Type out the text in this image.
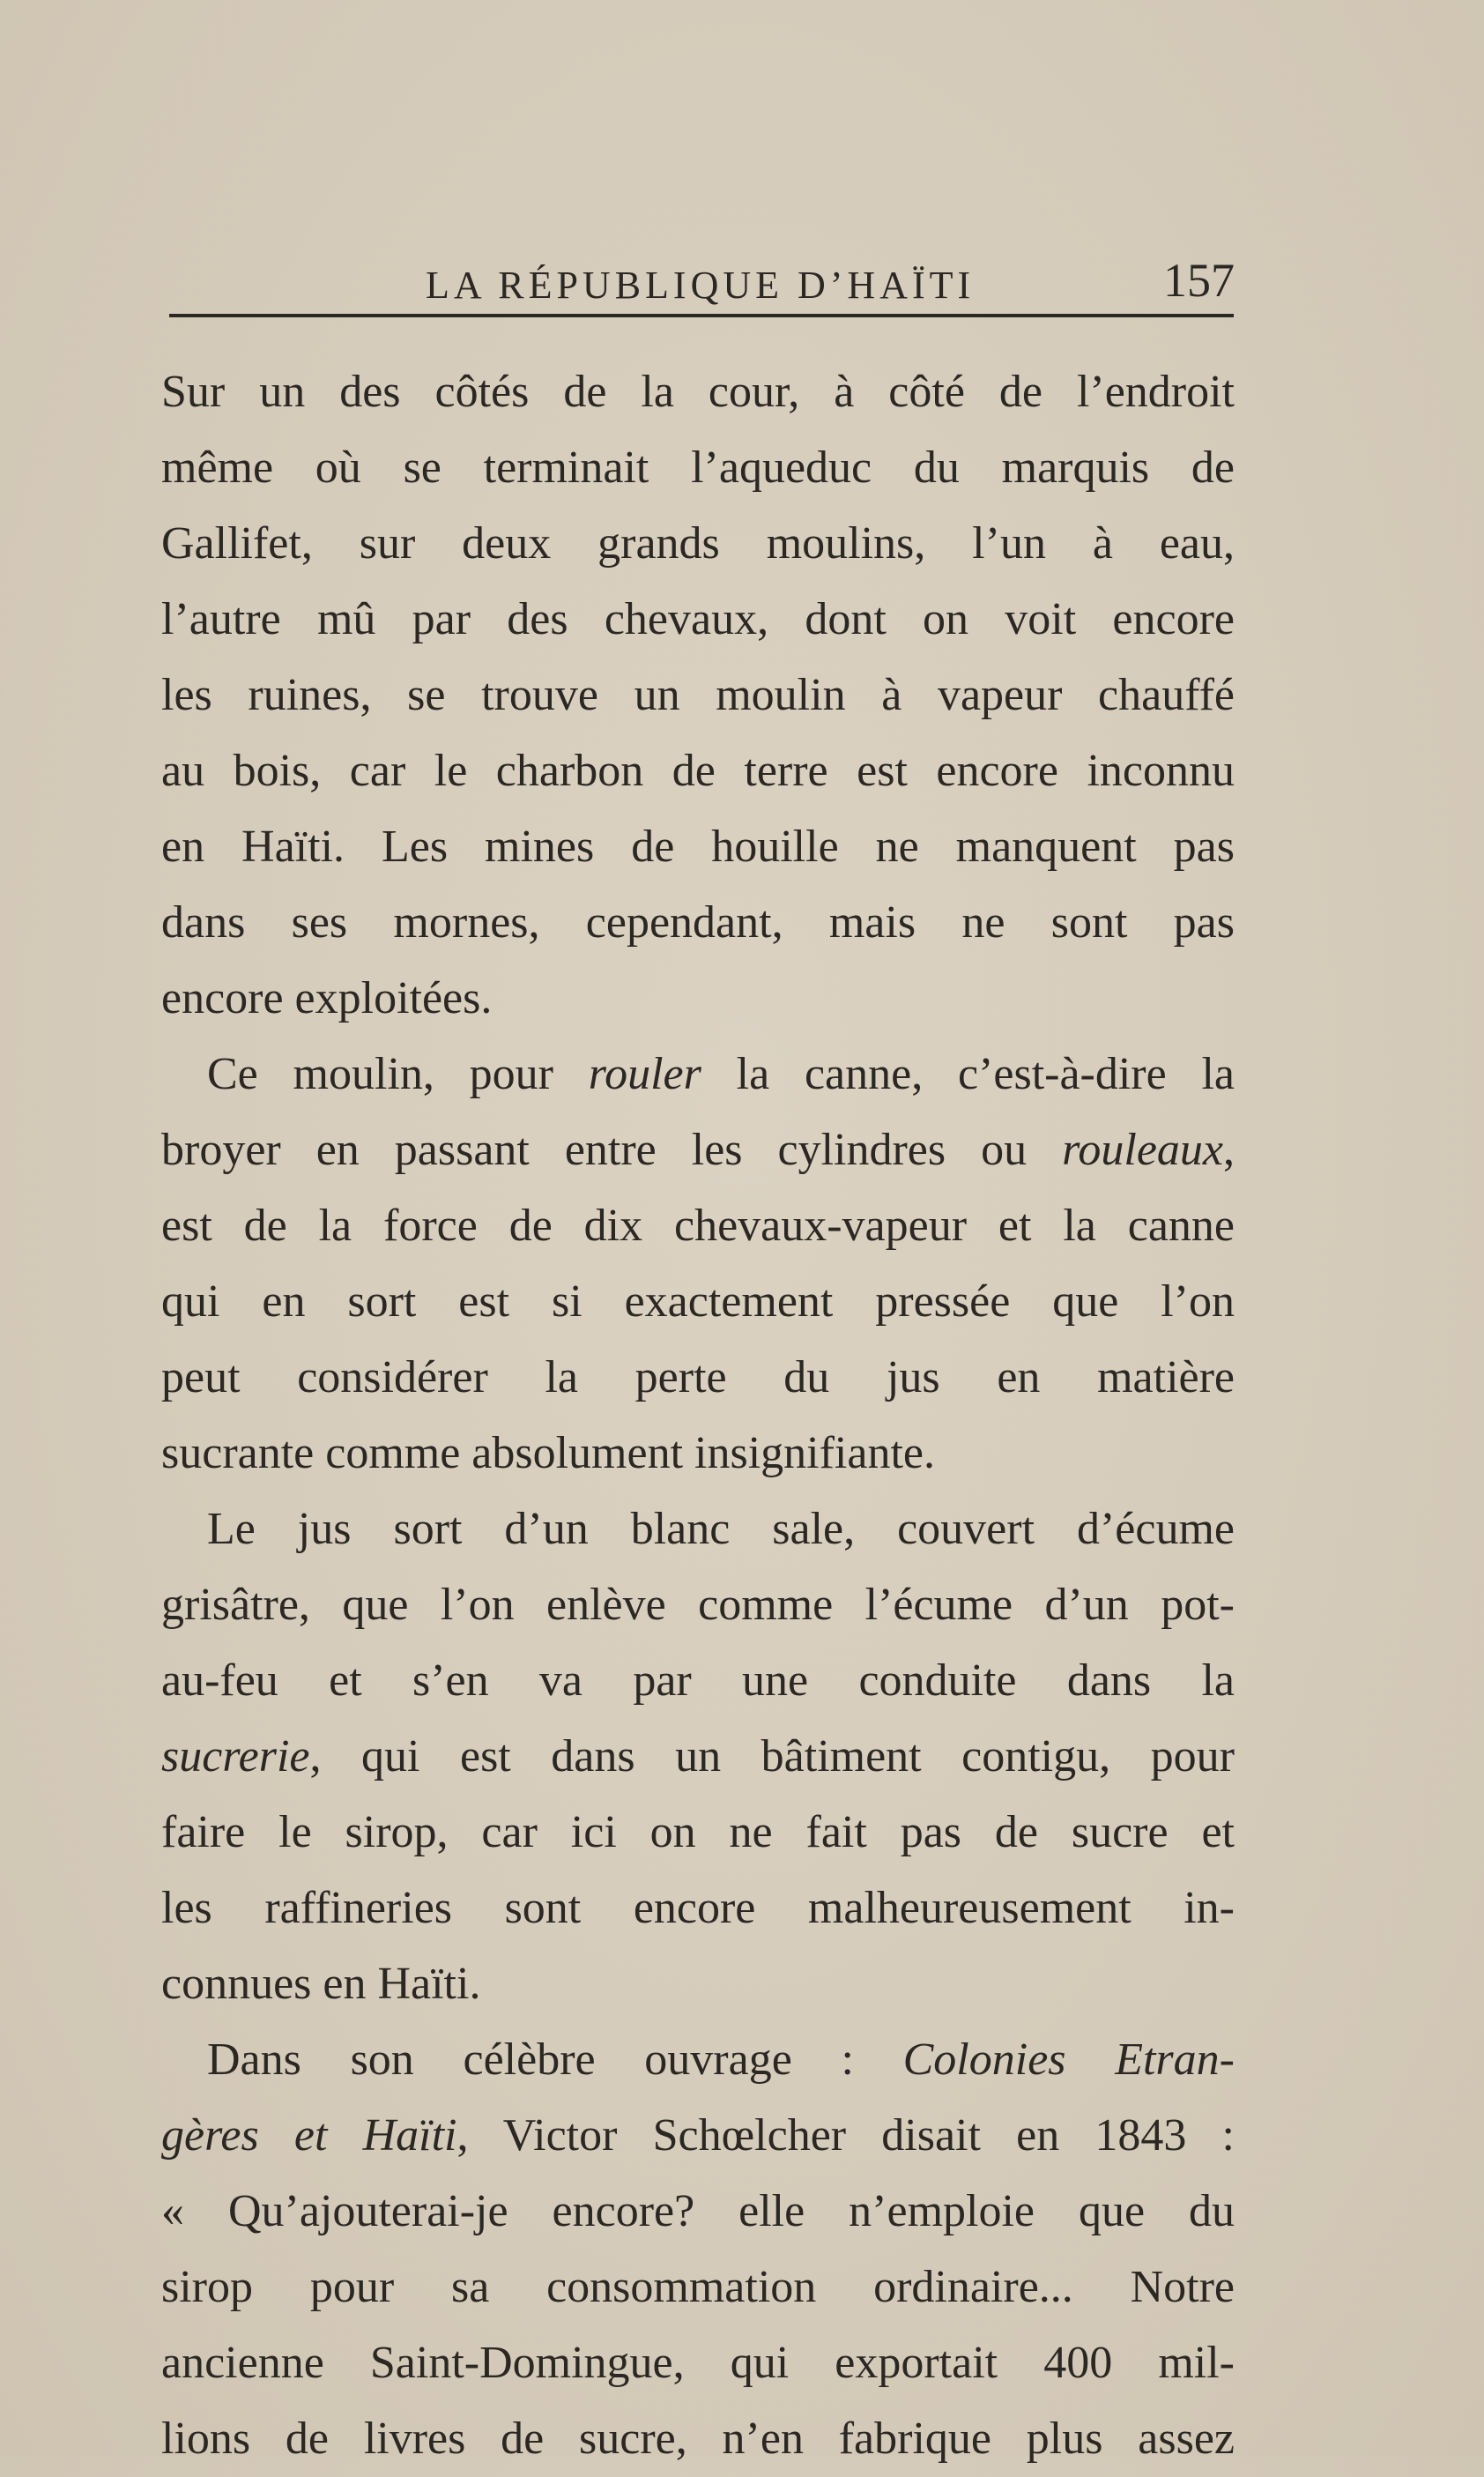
LA RÉPUBLIQUE D’HAÏTI	157
Sur un des côtés de la cour, à côté de l’endroit
même où se terminait l’aqueduc du marquis de
Gallifet, sur deux grands moulins, l’un à eau,
l’autre mû par des chevaux, dont on voit encore
les ruines, se trouve un moulin à vapeur chauffé
au bois, car le charbon de terre est encore inconnu
en Haïti. Les mines de houille ne manquent pas
dans ses mornes, cependant, mais ne sont pas
encore exploitées.
Ce moulin, pour rouler la canne, c’est-à-dire la
broyer en passant entre les cylindres ou rouleaux,
est de la force de dix chevaux-vapeur et la canne
qui en sort est si exactement pressée que l’on
peut considérer la perte du jus en matière
sucrante comme absolument insignifiante.
Le jus sort d’un blanc sale, couvert d’écume
grisâtre, que l’on enlève comme l’écume d’un pot-
au-feu et s’en va par une conduite dans la
sucrerie, qui est dans un bâtiment contigu, pour
faire le sirop, car ici on ne fait pas de sucre et
les raffineries sont encore malheureusement in-
connues en Haïti.
Dans son célèbre ouvrage : Colonies Etran-
gères et Haïti, Victor Schœlcher disait en 1843 :
« Qu’ajouterai-je encore? elle n’emploie que du
sirop pour sa consommation ordinaire... Notre
ancienne Saint-Domingue, qui exportait 400 mil-
lions de livres de sucre, n’en fabrique plus assez
